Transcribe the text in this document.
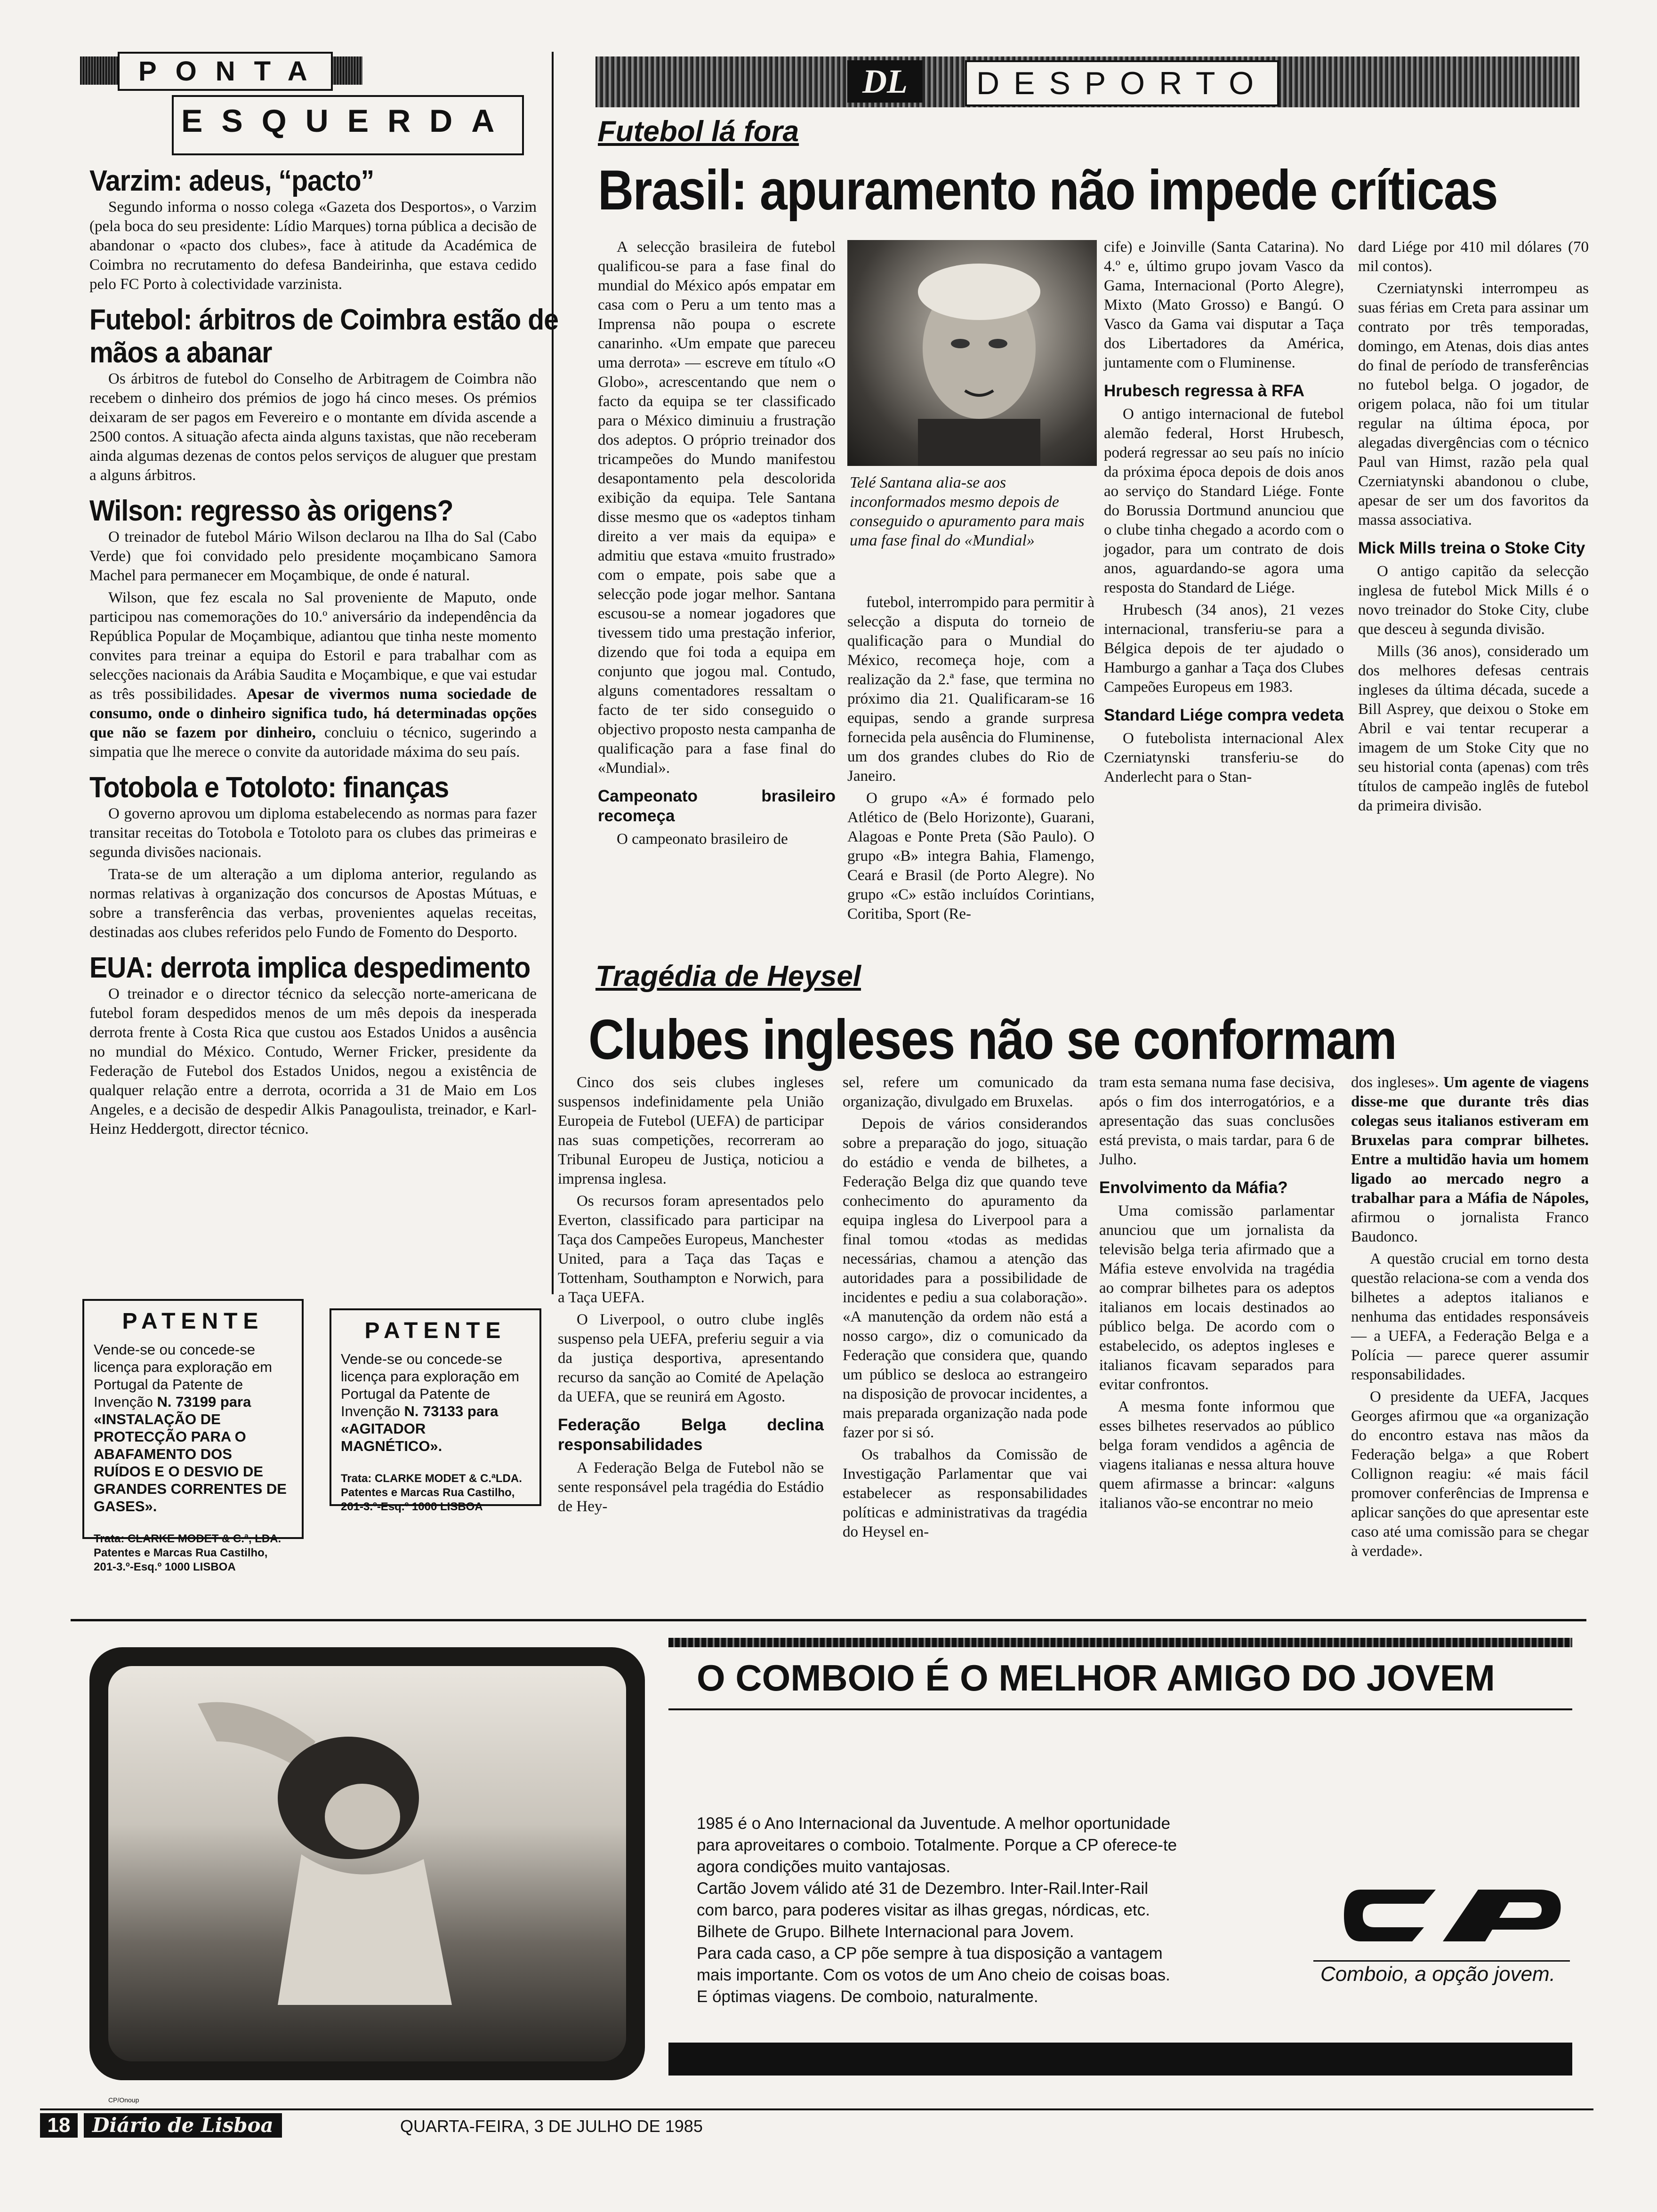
PONTA
ESQUERDA
DL	DESPORTO
Varzim: adeus, “pacto”

Segundo informa o nosso colega «Gazeta dos Desportos», o Varzim (pela boca do seu presidente: Lídio Marques) torna pública a decisão de abandonar o «pacto dos clubes», face à atitude da Académica de Coimbra no recrutamento do defesa Bandeirinha, que estava cedido pelo FC Porto à colectividade varzinista.

Futebol: árbitros de Coimbra estão de mãos a abanar

Os árbitros de futebol do Conselho de Arbitragem de Coimbra não recebem o dinheiro dos prémios de jogo há cinco meses. Os prémios deixaram de ser pagos em Fevereiro e o montante em dívida ascende a 2500 contos. A situação afecta ainda alguns taxistas, que não receberam ainda algumas dezenas de contos pelos serviços de aluguer que prestam a alguns árbitros.

Wilson: regresso às origens?

O treinador de futebol Mário Wilson declarou na Ilha do Sal (Cabo Verde) que foi convidado pelo presidente moçambicano Samora Machel para permanecer em Moçambique, de onde é natural.

Wilson, que fez escala no Sal proveniente de Maputo, onde participou nas comemorações do 10.º aniversário da independência da República Popular de Moçambique, adiantou que tinha neste momento convites para treinar a equipa do Estoril e para trabalhar com as selecções nacionais da Arábia Saudita e Moçambique, e que vai estudar as três possibilidades. Apesar de vivermos numa sociedade de consumo, onde o dinheiro significa tudo, há determinadas opções que não se fazem por dinheiro, concluiu o técnico, sugerindo a simpatia que lhe merece o convite da autoridade máxima do seu país.

Totobola e Totoloto: finanças

O governo aprovou um diploma estabelecendo as normas para fazer transitar receitas do Totobola e Totoloto para os clubes das primeiras e segunda divisões nacionais.

Trata-se de um alteração a um diploma anterior, regulando as normas relativas à organização dos concursos de Apostas Mútuas, e sobre a transferência das verbas, provenientes aquelas receitas, destinadas aos clubes referidos pelo Fundo de Fomento do Desporto.

EUA: derrota implica despedimento

O treinador e o director técnico da selecção norte-americana de futebol foram despedidos menos de um mês depois da inesperada derrota frente à Costa Rica que custou aos Estados Unidos a ausência no mundial do México. Contudo, Werner Fricker, presidente da Federação de Futebol dos Estados Unidos, negou a existência de qualquer relação entre a derrota, ocorrida a 31 de Maio em Los Angeles, e a decisão de despedir Alkis Panagoulista, treinador, e Karl-Heinz Heddergott, director técnico.

PATENTE
Vende-se ou concede-se licença para exploração em Portugal da Patente de Invenção N. 73199 para «INSTALAÇÃO DE PROTECÇÃO PARA O ABAFAMENTO DOS RUÍDOS E O DESVIO DE GRANDES CORRENTES DE GASES».
Trata: CLARKE MODET & C.ª, LDA. Patentes e Marcas Rua Castilho, 201-3.º-Esq.º 1000 LISBOA
PATENTE
Vende-se ou concede-se licença para exploração em Portugal da Patente de Invenção N. 73133 para «AGITADOR MAGNÉTICO».
Trata: CLARKE MODET & C.ªLDA. Patentes e Marcas Rua Castilho, 201-3.º-Esq.º 1000 LISBOA
Futebol lá fora
Brasil: apuramento não impede críticas

A selecção brasileira de futebol qualificou-se para a fase final do mundial do México após empatar em casa com o Peru a um tento mas a Imprensa não poupa o escrete canarinho. «Um empate que pareceu uma derrota» — escreve em título «O Globo», acrescentando que nem o facto da equipa se ter classificado para o México diminuiu a frustração dos adeptos. O próprio treinador dos tricampeões do Mundo manifestou desapontamento pela descolorida exibição da equipa. Tele Santana disse mesmo que os «adeptos tinham direito a ver mais da equipa» e admitiu que estava «muito frustrado» com o empate, pois sabe que a selecção pode jogar melhor. Santana escusou-se a nomear jogadores que tivessem tido uma prestação inferior, dizendo que foi toda a equipa em conjunto que jogou mal. Contudo, alguns comentadores ressaltam o facto de ter sido conseguido o objectivo proposto nesta campanha de qualificação para a fase final do «Mundial».

Campeonato brasileiro recomeça

O campeonato brasileiro de

Telé Santana alia-se aos inconformados mesmo depois de conseguido o apuramento para mais uma fase final do «Mundial»

futebol, interrompido para permitir à selecção a disputa do torneio de qualificação para o Mundial do México, recomeça hoje, com a realização da 2.ª fase, que termina no próximo dia 21. Qualificaram-se 16 equipas, sendo a grande surpresa fornecida pela ausência do Fluminense, um dos grandes clubes do Rio de Janeiro.

O grupo «A» é formado pelo Atlético de (Belo Horizonte), Guarani, Alagoas e Ponte Preta (São Paulo). O grupo «B» integra Bahia, Flamengo, Ceará e Brasil (de Porto Alegre). No grupo «C» estão incluídos Corintians, Coritiba, Sport (Re-

cife) e Joinville (Santa Catarina). No 4.º e, último grupo jovam Vasco da Gama, Internacional (Porto Alegre), Mixto (Mato Grosso) e Bangú. O Vasco da Gama vai disputar a Taça dos Libertadores da América, juntamente com o Fluminense.

Hrubesch regressa à RFA

O antigo internacional de futebol alemão federal, Horst Hrubesch, poderá regressar ao seu país no início da próxima época depois de dois anos ao serviço do Standard Liége. Fonte do Borussia Dortmund anunciou que o clube tinha chegado a acordo com o jogador, para um contrato de dois anos, aguardando-se agora uma resposta do Standard de Liége.

Hrubesch (34 anos), 21 vezes internacional, transferiu-se para a Bélgica depois de ter ajudado o Hamburgo a ganhar a Taça dos Clubes Campeões Europeus em 1983.

Standard Liége compra vedeta

O futebolista internacional Alex Czerniatynski transferiu-se do Anderlecht para o Stan-

dard Liége por 410 mil dólares (70 mil contos).

Czerniatynski interrompeu as suas férias em Creta para assinar um contrato por três temporadas, domingo, em Atenas, dois dias antes do final de período de transferências no futebol belga. O jogador, de origem polaca, não foi um titular regular na última época, por alegadas divergências com o técnico Paul van Himst, razão pela qual Czerniatynski abandonou o clube, apesar de ser um dos favoritos da massa associativa.

Mick Mills treina o Stoke City

O antigo capitão da selecção inglesa de futebol Mick Mills é o novo treinador do Stoke City, clube que desceu à segunda divisão.

Mills (36 anos), considerado um dos melhores defesas centrais ingleses da última década, sucede a Bill Asprey, que deixou o Stoke em Abril e vai tentar recuperar a imagem de um Stoke City que no seu historial conta (apenas) com três títulos de campeão inglês de futebol da primeira divisão.

Tragédia de Heysel
Clubes ingleses não se conformam

Cinco dos seis clubes ingleses suspensos indefinidamente pela União Europeia de Futebol (UEFA) de participar nas suas competições, recorreram ao Tribunal Europeu de Justiça, noticiou a imprensa inglesa.

Os recursos foram apresentados pelo Everton, classificado para participar na Taça dos Campeões Europeus, Manchester United, para a Taça das Taças e Tottenham, Southampton e Norwich, para a Taça UEFA.

O Liverpool, o outro clube inglês suspenso pela UEFA, preferiu seguir a via da justiça desportiva, apresentando recurso da sanção ao Comité de Apelação da UEFA, que se reunirá em Agosto.

Federação Belga declina responsabilidades

A Federação Belga de Futebol não se sente responsável pela tragédia do Estádio de Hey-

sel, refere um comunicado da organização, divulgado em Bruxelas.

Depois de vários considerandos sobre a preparação do jogo, situação do estádio e venda de bilhetes, a Federação Belga diz que quando teve conhecimento do apuramento da equipa inglesa do Liverpool para a final tomou «todas as medidas necessárias, chamou a atenção das autoridades para a possibilidade de incidentes e pediu a sua colaboração». «A manutenção da ordem não está a nosso cargo», diz o comunicado da Federação que considera que, quando um público se desloca ao estrangeiro na disposição de provocar incidentes, a mais preparada organização nada pode fazer por si só.

Os trabalhos da Comissão de Investigação Parlamentar que vai estabelecer as responsabilidades políticas e administrativas da tragédia do Heysel en-

tram esta semana numa fase decisiva, após o fim dos interrogatórios, e a apresentação das suas conclusões está prevista, o mais tardar, para 6 de Julho.

Envolvimento da Máfia?

Uma comissão parlamentar anunciou que um jornalista da televisão belga teria afirmado que a Máfia esteve envolvida na tragédia ao comprar bilhetes para os adeptos italianos em locais destinados ao público belga. De acordo com o estabelecido, os adeptos ingleses e italianos ficavam separados para evitar confrontos.

A mesma fonte informou que esses bilhetes reservados ao público belga foram vendidos a agência de viagens italianas e nessa altura houve quem afirmasse a brincar: «alguns italianos vão-se encontrar no meio

dos ingleses». Um agente de viagens disse-me que durante três dias colegas seus italianos estiveram em Bruxelas para comprar bilhetes. Entre a multidão havia um homem ligado ao mercado negro a trabalhar para a Máfia de Nápoles, afirmou o jornalista Franco Baudonco.

A questão crucial em torno desta questão relaciona-se com a venda dos bilhetes a adeptos italianos e nenhuma das entidades responsáveis — a UEFA, a Federação Belga e a Polícia — parece querer assumir responsabilidades.

O presidente da UEFA, Jacques Georges afirmou que «a organização do encontro estava nas mãos da Federação belga» a que Robert Collignon reagiu: «é mais fácil promover conferências de Imprensa e aplicar sanções do que apresentar este caso até uma comissão para se chegar à verdade».

CP/Onoup
O COMBOIO É O MELHOR AMIGO DO JOVEM
1985 é o Ano Internacional da Juventude. A melhor oportunidade
para aproveitares o comboio. Totalmente. Porque a CP oferece-te
agora condições muito vantajosas.
Cartão Jovem válido até 31 de Dezembro. Inter-Rail.Inter-Rail
com barco, para poderes visitar as ilhas gregas, nórdicas, etc.
Bilhete de Grupo. Bilhete Internacional para Jovem.
Para cada caso, a CP põe sempre à tua disposição a vantagem
mais importante. Com os votos de um Ano cheio de coisas boas.
E óptimas viagens. De comboio, naturalmente.
Comboio, a opção jovem.
18	Diário de Lisboa	QUARTA-FEIRA, 3 DE JULHO DE 1985
